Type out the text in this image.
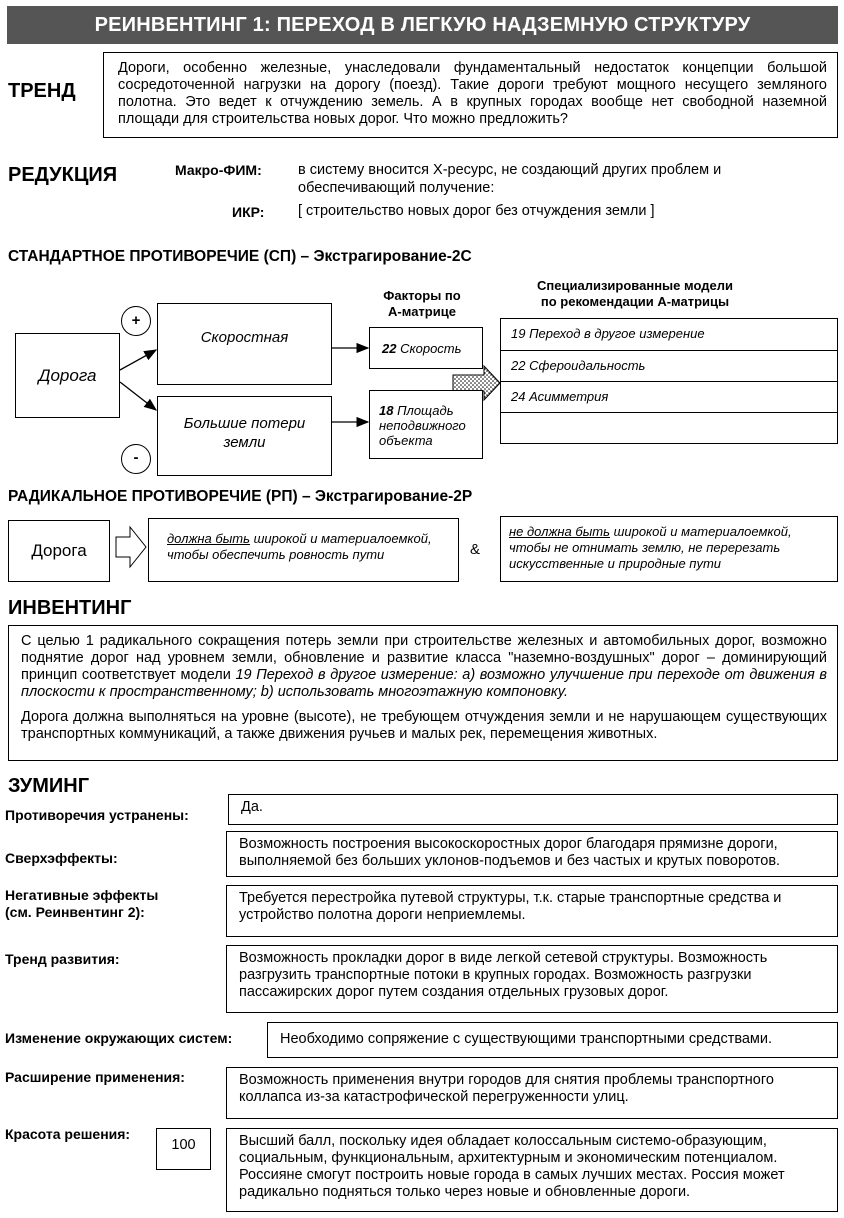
РЕИНВЕНТИНГ 1: ПЕРЕХОД В ЛЕГКУЮ НАДЗЕМНУЮ СТРУКТУРУ
ТРЕНД
Дороги, особенно железные, унаследовали фундаментальный недостаток концепции большой сосредоточенной нагрузки на дорогу (поезд). Такие дороги требуют мощного несущего земляного полотна. Это ведет к отчуждению земель. А в крупных городах вообще нет свободной наземной площади для строительства новых дорог. Что можно предложить?
РЕДУКЦИЯ	Макро-ФИМ:	в систему вносится Х-ресурс, не создающий других проблем и
обеспечивающий получение:
ИКР: [ строительство новых дорог без отчуждения земли ]
СТАНДАРТНОЕ ПРОТИВОРЕЧИЕ (СП) – Экстрагирование-2С
+
-
Дорога
Скоростная
Большие потери
земли
Факторы по
А-матрице
22 Скорость
18 Площадь
неподвижного
объекта
Специализированные модели
по рекомендации А-матрицы
19 Переход в другое измерение
22 Сфероидальность
24 Асимметрия
РАДИКАЛЬНОЕ ПРОТИВОРЕЧИЕ (РП) – Экстрагирование-2Р
Дорога
должна быть широкой и материалоемкой,
чтобы обеспечить ровность пути	&
не должна быть широкой и материалоемкой,
чтобы не отнимать землю, не перерезать
искусственные и природные пути
ИНВЕНТИНГ

С целью 1 радикального сокращения потерь земли при строительстве железных и автомобильных дорог, возможно поднятие дорог над уровнем земли, обновление и развитие класса "наземно-воздушных" дорог – доминирующий принцип соответствует модели 19 Переход в другое измерение: а) возможно улучшение при переходе от движения в плоскости к пространственному; b) использовать многоэтажную компоновку.

Дорога должна выполняться на уровне (высоте), не требующем отчуждения земли и не нарушающем существующих транспортных коммуникаций, а также движения ручьев и малых рек, перемещения животных.

ЗУМИНГ
Противоречия устранены:	Да.
Сверхэффекты:
Возможность построения высокоскоростных дорог благодаря прямизне дороги, выполняемой без больших уклонов-подъемов и без частых и крутых поворотов.
Негативные эффекты
(см. Реинвентинг 2):
Требуется перестройка путевой структуры, т.к. старые транспортные средства и устройство полотна дороги неприемлемы.
Тренд развития:	Возможность прокладки дорог в виде легкой сетевой структуры. Возможность разгрузить транспортные потоки в крупных городах. Возможность разгрузки пассажирских дорог путем создания отдельных грузовых дорог.
Изменение окружающих систем:	Необходимо сопряжение с существующими транспортными средствами.
Расширение применения:	Возможность применения внутри городов для снятия проблемы транспортного коллапса из-за катастрофической перегруженности улиц.
Красота решения:
100	Высший балл, поскольку идея обладает колоссальным системо-образующим, социальным, функциональным, архитектурным и экономическим потенциалом. Россияне смогут построить новые города в самых лучших местах. Россия может радикально подняться только через новые и обновленные дороги.
